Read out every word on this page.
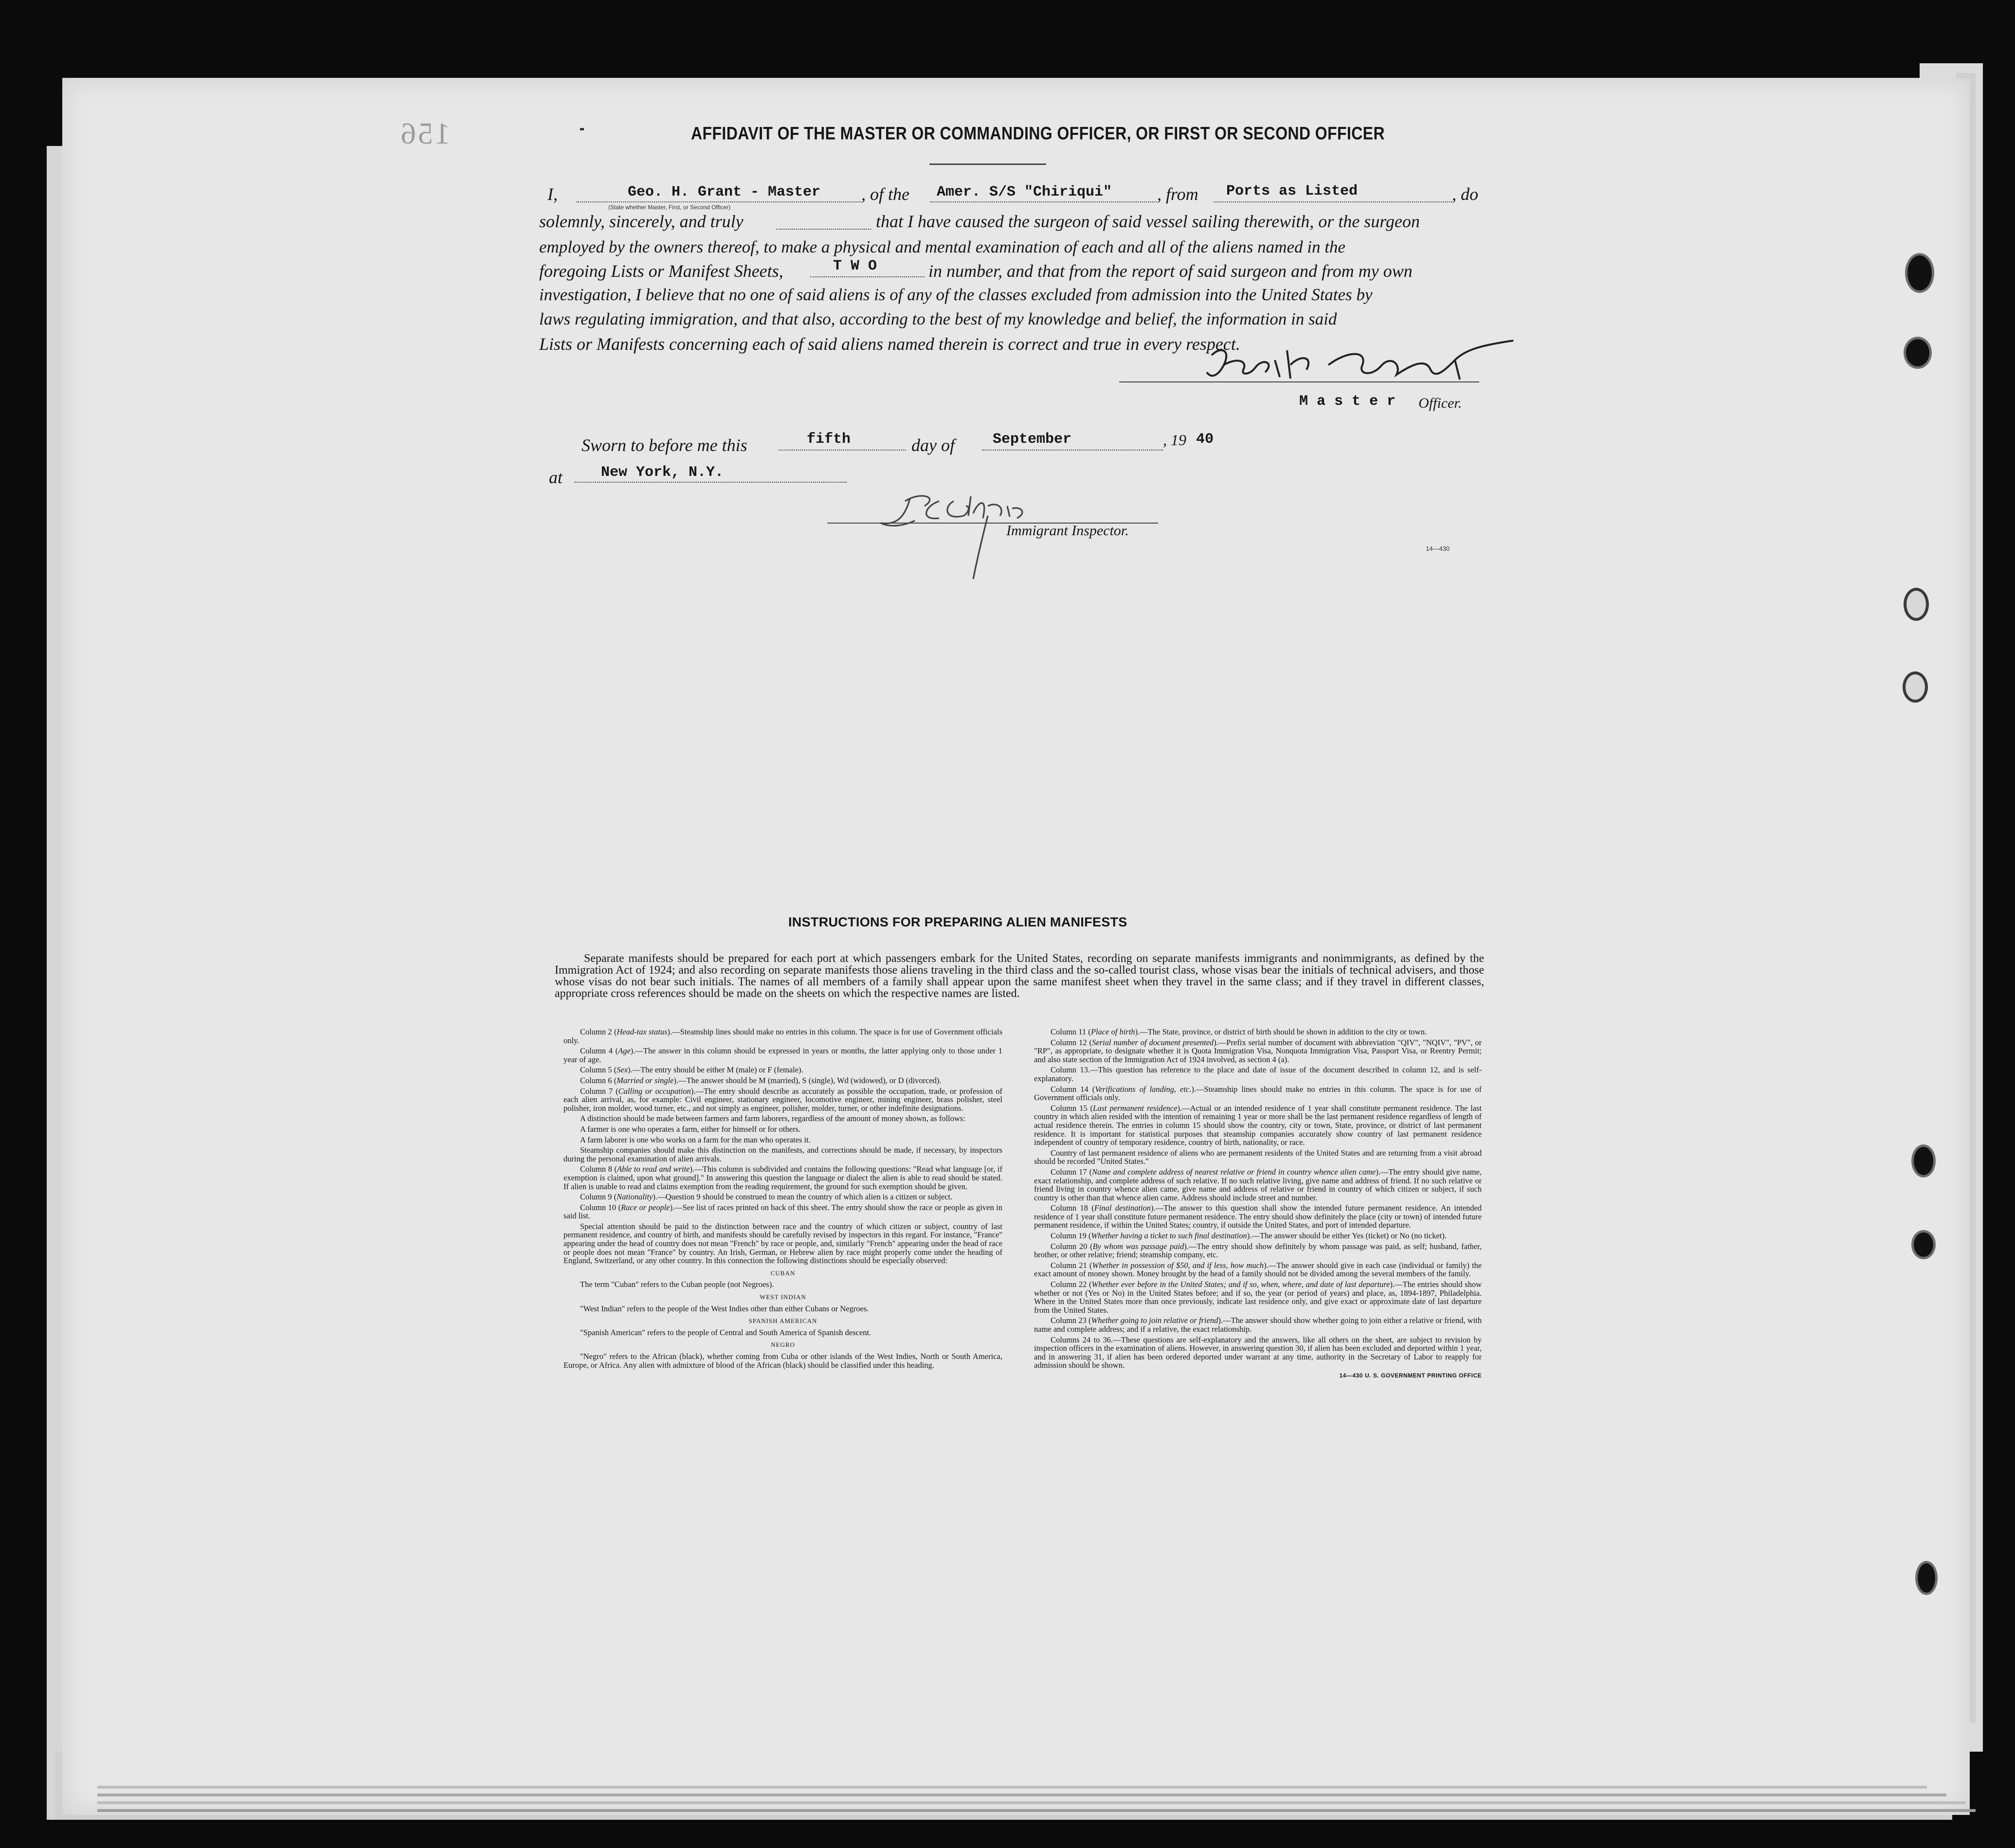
156	AFFIDAVIT OF THE MASTER OR COMMANDING OFFICER, OR FIRST OR SECOND OFFICER
I,	Geo. H. Grant - Master , of the Amer. S/S "Chiriqui"	, from Ports as Listed	, do
(State whether Master, First, or Second Officer)
solemnly, sincerely, and truly	that I have caused the surgeon of said vessel sailing therewith, or the surgeon
employed by the owners thereof, to make a physical and mental examination of each and all of the aliens named in the
foregoing Lists or Manifest Sheets,	T W O	in number, and that from the report of said surgeon and from my own
investigation, I believe that no one of said aliens is of any of the classes excluded from admission into the United States by
laws regulating immigration, and that also, according to the best of my knowledge and belief, the information in said
Lists or Manifests concerning each of said aliens named therein is correct and true in every respect.
M a s t e r Officer.
Sworn to before me this	fifth	day of	September	, 19 40
at	New York, N.Y.
Immigrant Inspector.
14—430
INSTRUCTIONS FOR PREPARING ALIEN MANIFESTS
Separate manifests should be prepared for each port at which passengers embark for the United States, recording on separate manifests immigrants and nonimmigrants, as defined by the Immigration Act of 1924; and also recording on separate manifests those aliens traveling in the third class and the so-called tourist class, whose visas bear the initials of technical advisers, and those whose visas do not bear such initials. The names of all members of a family shall appear upon the same manifest sheet when they travel in the same class; and if they travel in different classes, appropriate cross references should be made on the sheets on which the respective names are listed.

Column 2 (Head-tax status).—Steamship lines should make no entries in this column. The space is for use of Government officials only.

Column 4 (Age).—The answer in this column should be expressed in years or months, the latter applying only to those under 1 year of age.

Column 5 (Sex).—The entry should be either M (male) or F (female).

Column 6 (Married or single).—The answer should be M (married), S (single), Wd (widowed), or D (divorced).

Column 7 (Calling or occupation).—The entry should describe as accurately as possible the occupation, trade, or profession of each alien arrival, as, for example: Civil engineer, stationary engineer, locomotive engineer, mining engineer, brass polisher, steel polisher, iron molder, wood turner, etc., and not simply as engineer, polisher, molder, turner, or other indefinite designations.

A distinction should be made between farmers and farm laborers, regardless of the amount of money shown, as follows:

A farmer is one who operates a farm, either for himself or for others.

A farm laborer is one who works on a farm for the man who operates it.

Steamship companies should make this distinction on the manifests, and corrections should be made, if necessary, by inspectors during the personal examination of alien arrivals.

Column 8 (Able to read and write).—This column is subdivided and contains the following questions: "Read what language [or, if exemption is claimed, upon what ground]." In answering this question the language or dialect the alien is able to read should be stated. If alien is unable to read and claims exemption from the reading requirement, the ground for such exemption should be given.

Column 9 (Nationality).—Question 9 should be construed to mean the country of which alien is a citizen or subject.

Column 10 (Race or people).—See list of races printed on back of this sheet. The entry should show the race or people as given in said list.

Special attention should be paid to the distinction between race and the country of which citizen or subject, country of last permanent residence, and country of birth, and manifests should be carefully revised by inspectors in this regard. For instance, "France" appearing under the head of country does not mean "French" by race or people, and, similarly "French" appearing under the head of race or people does not mean "France" by country. An Irish, German, or Hebrew alien by race might properly come under the heading of England, Switzerland, or any other country. In this connection the following distinctions should be especially observed:

CUBAN

The term "Cuban" refers to the Cuban people (not Negroes).

WEST INDIAN

"West Indian" refers to the people of the West Indies other than either Cubans or Negroes.

SPANISH AMERICAN

"Spanish American" refers to the people of Central and South America of Spanish descent.

NEGRO

"Negro" refers to the African (black), whether coming from Cuba or other islands of the West Indies, North or South America, Europe, or Africa. Any alien with admixture of blood of the African (black) should be classified under this heading.

Column 11 (Place of birth).—The State, province, or district of birth should be shown in addition to the city or town.

Column 12 (Serial number of document presented).—Prefix serial number of document with abbreviation "QIV", "NQIV", "PV", or "RP", as appropriate, to designate whether it is Quota Immigration Visa, Nonquota Immigration Visa, Passport Visa, or Reentry Permit; and also state section of the Immigration Act of 1924 involved, as section 4 (a).

Column 13.—This question has reference to the place and date of issue of the document described in column 12, and is self-explanatory.

Column 14 (Verifications of landing, etc.).—Steamship lines should make no entries in this column. The space is for use of Government officials only.

Column 15 (Last permanent residence).—Actual or an intended residence of 1 year shall constitute permanent residence. The last country in which alien resided with the intention of remaining 1 year or more shall be the last permanent residence regardless of length of actual residence therein. The entries in column 15 should show the country, city or town, State, province, or district of last permanent residence. It is important for statistical purposes that steamship companies accurately show country of last permanent residence independent of country of temporary residence, country of birth, nationality, or race.

Country of last permanent residence of aliens who are permanent residents of the United States and are returning from a visit abroad should be recorded "United States."

Column 17 (Name and complete address of nearest relative or friend in country whence alien came).—The entry should give name, exact relationship, and complete address of such relative. If no such relative living, give name and address of friend. If no such relative or friend living in country whence alien came, give name and address of relative or friend in country of which citizen or subject, if such country is other than that whence alien came. Address should include street and number.

Column 18 (Final destination).—The answer to this question shall show the intended future permanent residence. An intended residence of 1 year shall constitute future permanent residence. The entry should show definitely the place (city or town) of intended future permanent residence, if within the United States; country, if outside the United States, and port of intended departure.

Column 19 (Whether having a ticket to such final destination).—The answer should be either Yes (ticket) or No (no ticket).

Column 20 (By whom was passage paid).—The entry should show definitely by whom passage was paid, as self; husband, father, brother, or other relative; friend; steamship company, etc.

Column 21 (Whether in possession of $50, and if less, how much).—The answer should give in each case (individual or family) the exact amount of money shown. Money brought by the head of a family should not be divided among the several members of the family.

Column 22 (Whether ever before in the United States; and if so, when, where, and date of last departure).—The entries should show whether or not (Yes or No) in the United States before; and if so, the year (or period of years) and place, as, 1894-1897, Philadelphia. Where in the United States more than once previously, indicate last residence only, and give exact or approximate date of last departure from the United States.

Column 23 (Whether going to join relative or friend).—The answer should show whether going to join either a relative or friend, with name and complete address; and if a relative, the exact relationship.

Columns 24 to 36.—These questions are self-explanatory and the answers, like all others on the sheet, are subject to revision by inspection officers in the examination of aliens. However, in answering question 30, if alien has been excluded and deported within 1 year, and in answering 31, if alien has been ordered deported under warrant at any time, authority in the Secretary of Labor to reapply for admission should be shown.

14—430 U. S. GOVERNMENT PRINTING OFFICE
